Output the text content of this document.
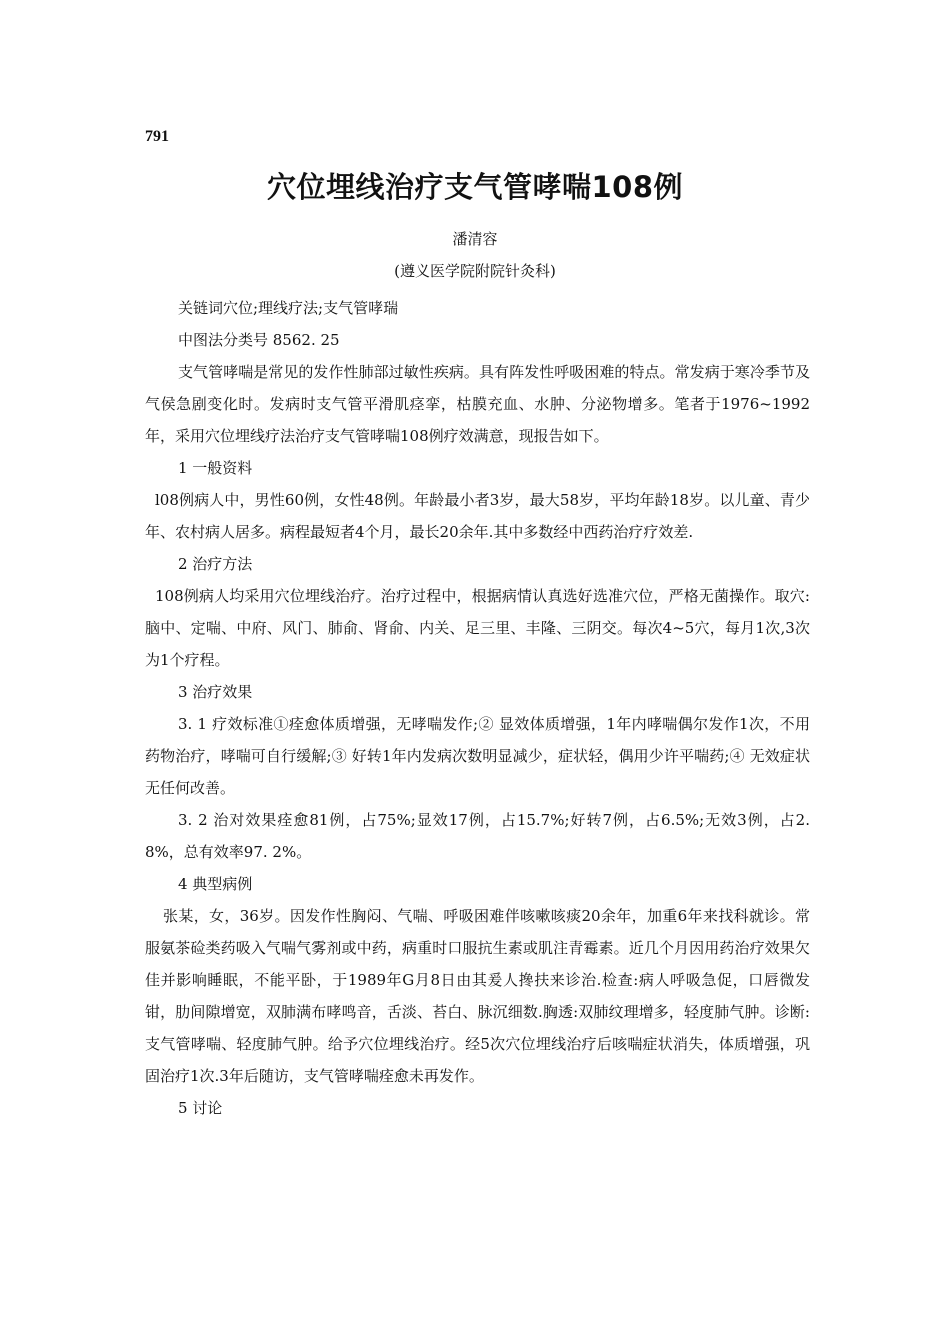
791
穴位埋线治疗支气管哮喘108例
潘清容
(遵义医学院附院针灸科)

关链词穴位;理线疗法;支气管哮瑞

中图法分类号 8562. 25

支气管哮喘是常见的发作性肺部过敏性疾病。具有阵发性呼吸困难的特点。常发病于寒冷季节及气侯急剧变化时。发病时支气管平滑肌痉挛，枯膜充血、水肿、分泌物增多。笔者于1976~1992年，采用穴位埋线疗法治疗支气管哮喘108例疗效满意，现报告如下。

1 一般资料

l08例病人中，男性60例，女性48例。年龄最小者3岁，最大58岁，平均年龄18岁。以儿童、青少年、农村病人居多。病程最短者4个月，最长20余年.其中多数经中西药治疗疗效差.

2 治疗方法

108例病人均采用穴位埋线治疗。治疗过程中，根据病情认真选好选准穴位，严格无菌操作。取穴:脑中、定喘、中府、风门、肺俞、肾俞、内关、足三里、丰隆、三阴交。每次4~5穴，每月1次,3次为1个疗程。

3 治疗效果

3. 1 疗效标准①痊愈体质增强，无哮喘发作;② 显效体质增强，1年内哮喘偶尔发作1次，不用药物治疗，哮喘可自行缓解;③ 好转1年内发病次数明显减少，症状轻，偶用少许平喘药;④ 无效症状无任何改善。

3. 2 治对效果痊愈81例，占75%;显效17例，占15.7%;好转7例，占6.5%;无效3例，占2. 8%，总有效率97. 2%。

4 典型病例

张某，女，36岁。因发作性胸闷、气喘、呼吸困难伴咳嗽咳痰20余年，加重6年来找科就诊。常服氨茶硷类药吸入气喘气雾剂或中药，病重时口服抗生素或肌注青霉素。近几个月因用药治疗效果欠佳并影响睡眠，不能平卧，于1989年G月8日由其爰人搀扶来诊治.检查:病人呼吸急促，口唇微发钳，肋间隙增宽，双肺满布哮鸣音，舌淡、苔白、脉沉细数.胸透:双肺纹理增多，轻度肺气肿。诊断:支气管哮喘、轻度肺气肿。给予穴位埋线治疗。经5次穴位埋线治疗后咳喘症状消失，体质增强，巩固治疗1次.3年后随访，支气管哮喘痊愈未再发作。

5 讨论
